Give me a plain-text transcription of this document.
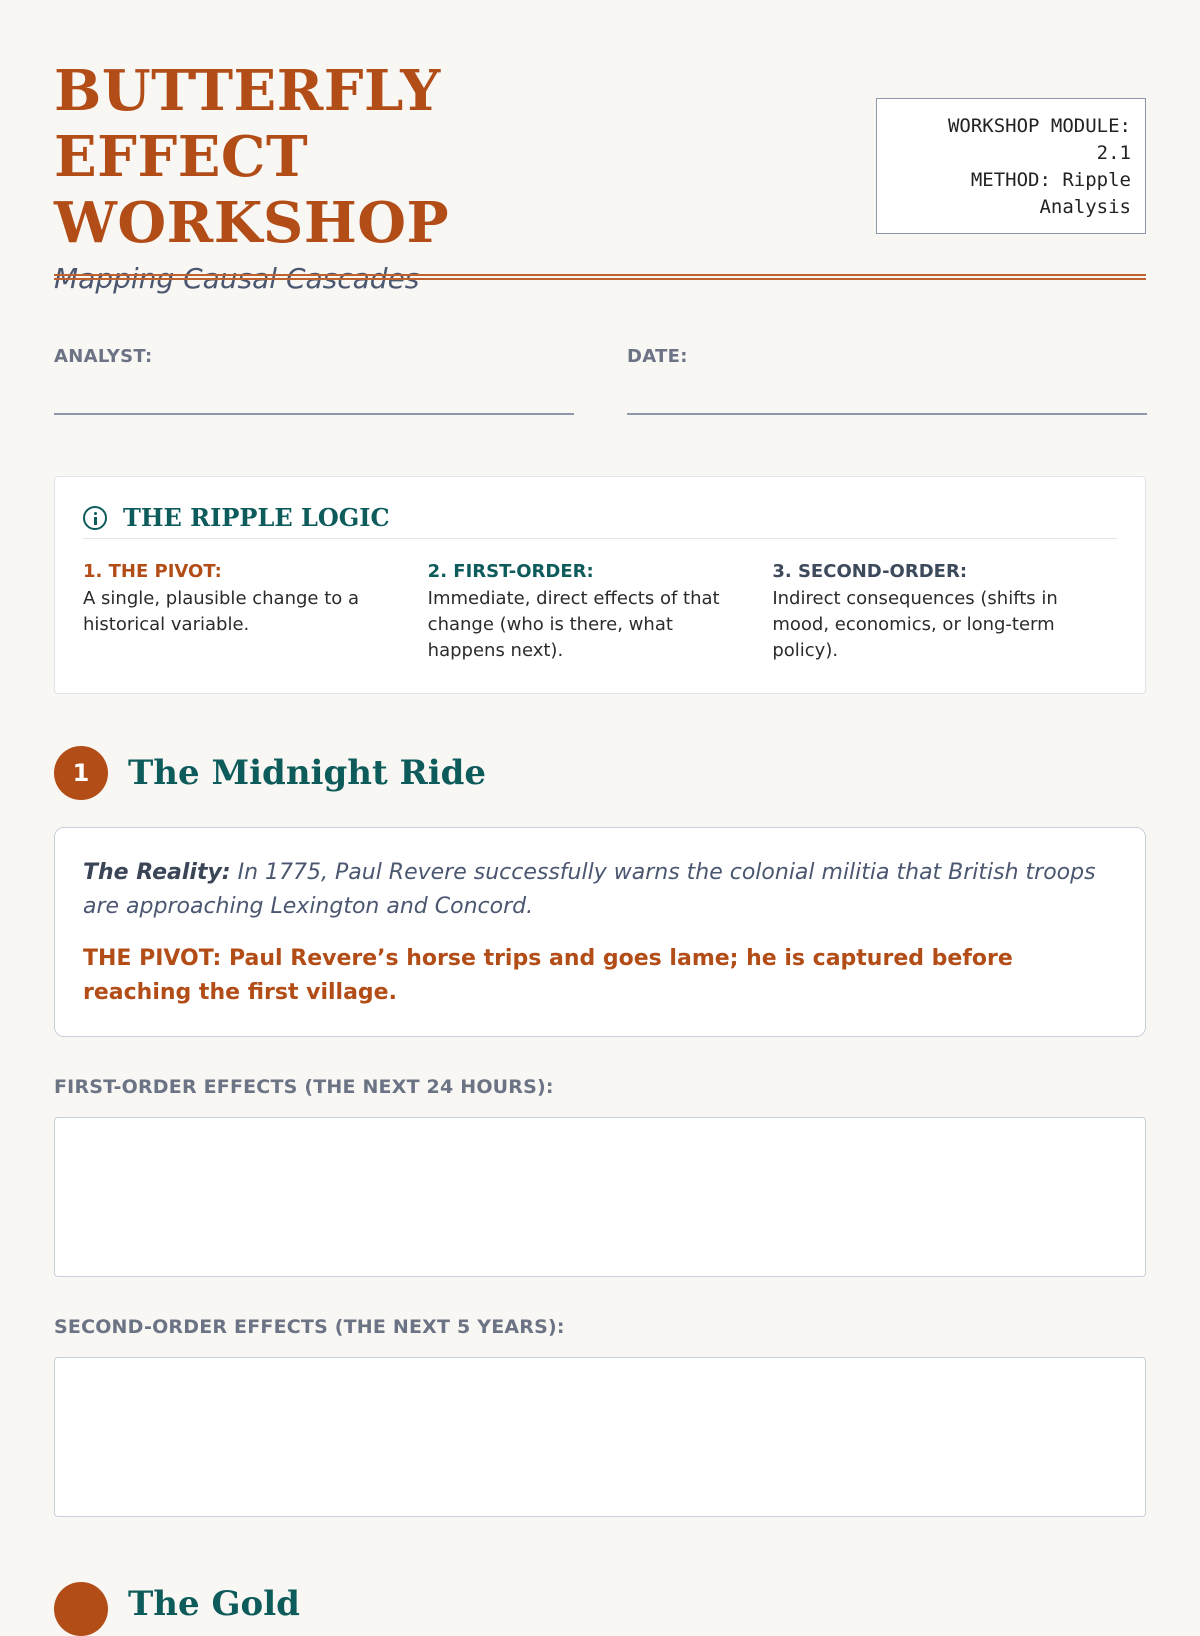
BUTTERFLY EFFECT WORKSHOP
Mapping Causal Cascades
WORKSHOP MODULE:
2.1
METHOD: Ripple
Analysis
ANALYST:	DATE:
THE RIPPLE LOGIC
1. THE PIVOT:
A single, plausible change to a historical variable.
2. FIRST-ORDER:
Immediate, direct effects of that change (who is there, what happens next).
3. SECOND-ORDER:
Indirect consequences (shifts in mood, economics, or long-term policy).
1	The Midnight Ride
The Reality: In 1775, Paul Revere successfully warns the colonial militia that British troops are approaching Lexington and Concord.
THE PIVOT: Paul Revere’s horse trips and goes lame; he is captured before reaching the first village.
FIRST-ORDER EFFECTS (THE NEXT 24 HOURS):
SECOND-ORDER EFFECTS (THE NEXT 5 YEARS):
The Gold
